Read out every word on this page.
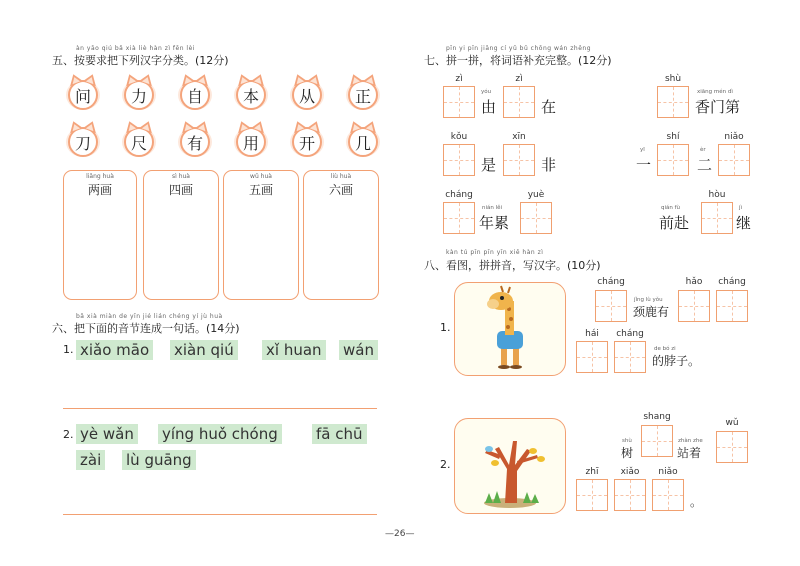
àn yāo qiú bǎ xià liè hàn zì fēn lèi
五、按要求把下列汉字分类。(12分)
问 力 自 本 从 正
刀 尺 有 用 开 几
liǎng huà
两画
sì huà
四画
wǔ huà
五画
liù huà
六画
bǎ xià miàn de yīn jié lián chéng yí jù huà
六、把下面的音节连成一句话。(14分)
1. xiǎo māo xiàn qiú xǐ huan wán
2. yè wǎn yíng huǒ chóng	fā chū
zài lù guāng
pīn yi pīn jiāng cí yǔ bǔ chōng wán zhěng
七、拼一拼，将词语补充完整。(12分)
zì
yóu
由
zì
在
shù
xiāng mén dì
香门第
kǒu
是
xīn
非
yī
一
shí
èr
二
niǎo
cháng
nián lěi
年累
yuè
qián fù
前赴
hòu
jì
继
kàn tú pīn pīn yīn xiě hàn zì
八、看图，拼拼音，写汉字。(10分)
1.
cháng
jǐng lù yǒu
颈鹿有
hǎo	cháng
hái	cháng
de bó zi
的脖子。
2.
shang
shù
树
zhàn zhe
站着
wǔ
zhī	xiǎo	niǎo
。
—26—
